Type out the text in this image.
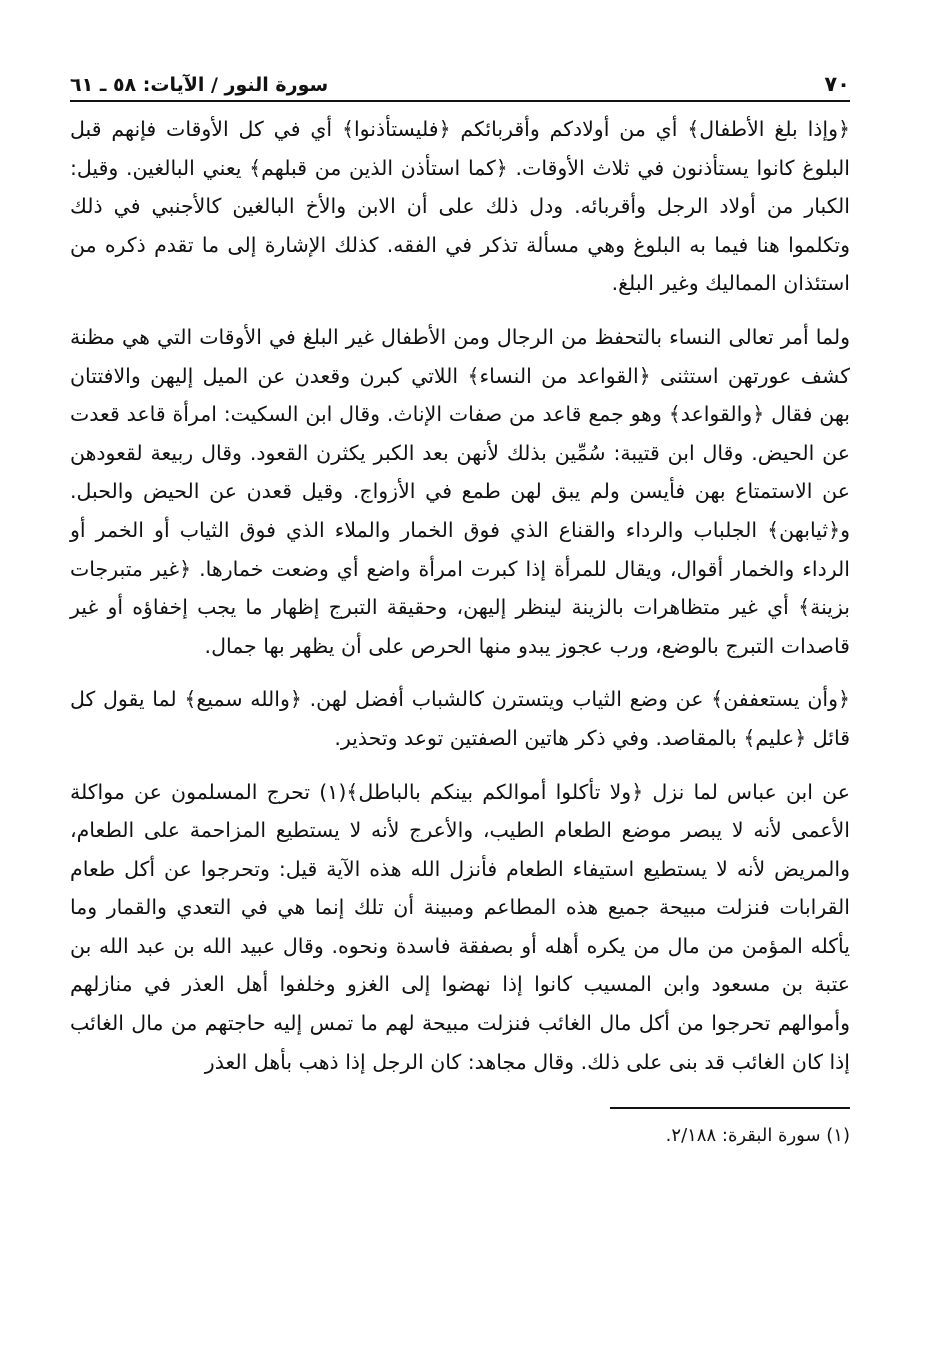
٧٠
سورة النور / الآيات: ٥٨ ـ ٦١

﴿وإذا بلغ الأطفال﴾ أي من أولادكم وأقربائكم ﴿فليستأذنوا﴾ أي في كل الأوقات فإنهم قبل البلوغ كانوا يستأذنون في ثلاث الأوقات. ﴿كما استأذن الذين من قبلهم﴾ يعني البالغين. وقيل: الكبار من أولاد الرجل وأقربائه. ودل ذلك على أن الابن والأخ البالغين كالأجنبي في ذلك وتكلموا هنا فيما به البلوغ وهي مسألة تذكر في الفقه. كذلك الإشارة إلى ما تقدم ذكره من استئذان المماليك وغير البلغ.

ولما أمر تعالى النساء بالتحفظ من الرجال ومن الأطفال غير البلغ في الأوقات التي هي مظنة كشف عورتهن استثنى ﴿القواعد من النساء﴾ اللاتي كبرن وقعدن عن الميل إليهن والافتتان بهن فقال ﴿والقواعد﴾ وهو جمع قاعد من صفات الإناث. وقال ابن السكيت: امرأة قاعد قعدت عن الحيض. وقال ابن قتيبة: سُمِّين بذلك لأنهن بعد الكبر يكثرن القعود. وقال ربيعة لقعودهن عن الاستمتاع بهن فأيسن ولم يبق لهن طمع في الأزواج. وقيل قعدن عن الحيض والحبل. و﴿ثيابهن﴾ الجلباب والرداء والقناع الذي فوق الخمار والملاء الذي فوق الثياب أو الخمر أو الرداء والخمار أقوال، ويقال للمرأة إذا كبرت امرأة واضع أي وضعت خمارها. ﴿غير متبرجات بزينة﴾ أي غير متظاهرات بالزينة لينظر إليهن، وحقيقة التبرج إظهار ما يجب إخفاؤه أو غير قاصدات التبرج بالوضع، ورب عجوز يبدو منها الحرص على أن يظهر بها جمال.

﴿وأن يستعففن﴾ عن وضع الثياب ويتسترن كالشباب أفضل لهن. ﴿والله سميع﴾ لما يقول كل قائل ﴿عليم﴾ بالمقاصد. وفي ذكر هاتين الصفتين توعد وتحذير.

عن ابن عباس لما نزل ﴿ولا تأكلوا أموالكم بينكم بالباطل﴾(١) تحرج المسلمون عن مواكلة الأعمى لأنه لا يبصر موضع الطعام الطيب، والأعرج لأنه لا يستطيع المزاحمة على الطعام، والمريض لأنه لا يستطيع استيفاء الطعام فأنزل الله هذه الآية قيل: وتحرجوا عن أكل طعام القرابات فنزلت مبيحة جميع هذه المطاعم ومبينة أن تلك إنما هي في التعدي والقمار وما يأكله المؤمن من مال من يكره أهله أو بصفقة فاسدة ونحوه. وقال عبيد الله بن عبد الله بن عتبة بن مسعود وابن المسيب كانوا إذا نهضوا إلى الغزو وخلفوا أهل العذر في منازلهم وأموالهم تحرجوا من أكل مال الغائب فنزلت مبيحة لهم ما تمس إليه حاجتهم من مال الغائب إذا كان الغائب قد بنى على ذلك. وقال مجاهد: كان الرجل إذا ذهب بأهل العذر

(١) سورة البقرة: ٢/١٨٨.
